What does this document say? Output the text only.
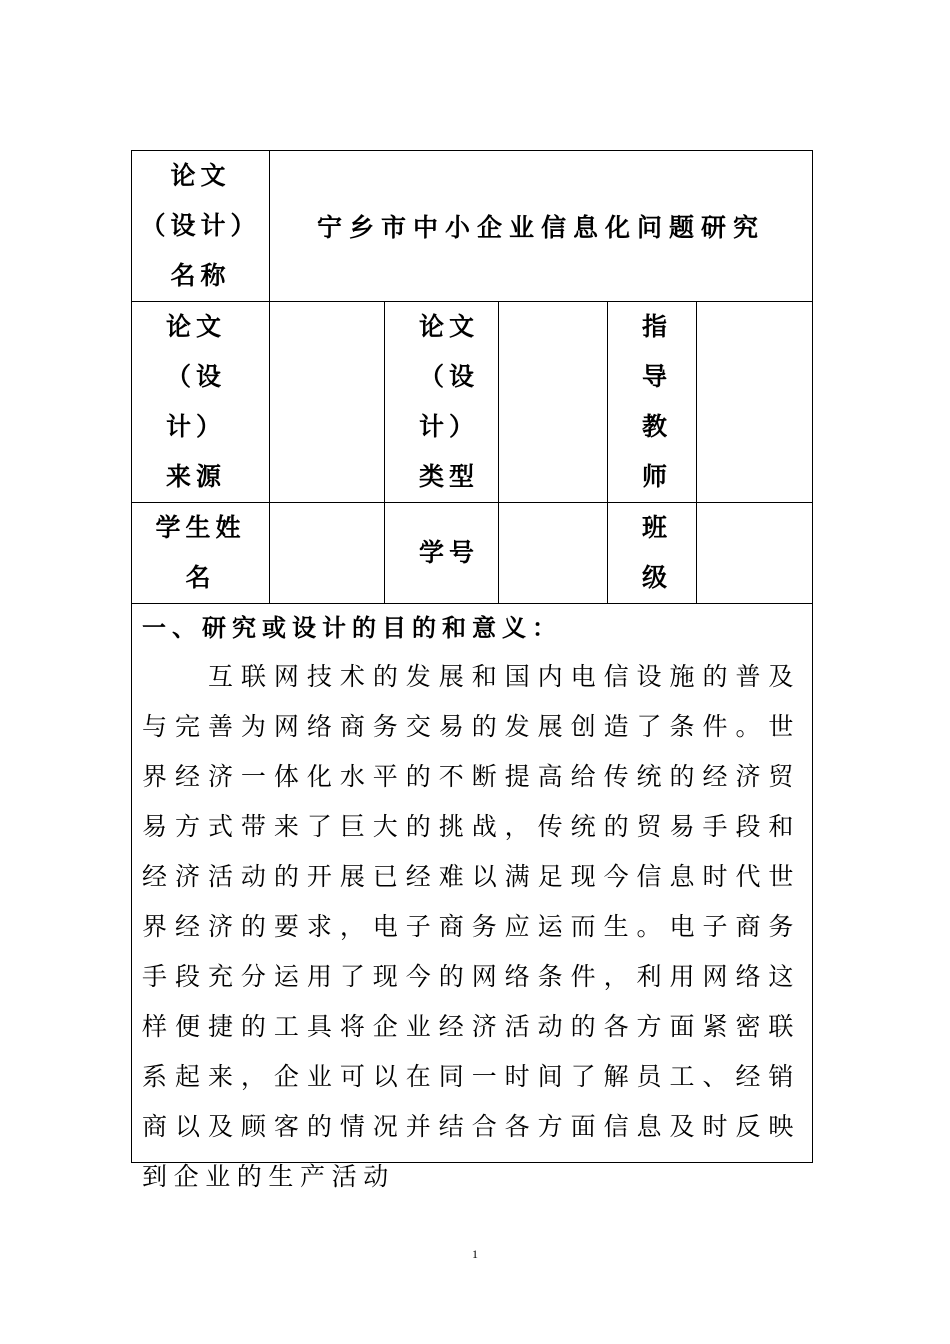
论文
（设计）
名称	宁乡市中小企业信息化问题研究				

论文
（设
计）
来源		论文
（设
计）
类型		指
导
教
师	

学生姓
名		学号		班
级	

一、研究或设计的目的和意义：

互联网技术的发展和国内电信设施的普及与完善为网络商务交易的发展创造了条件。世界经济一体化水平的不断提高给传统的经济贸易方式带来了巨大的挑战，传统的贸易手段和经济活动的开展已经难以满足现今信息时代世界经济的要求，电子商务应运而生。电子商务手段充分运用了现今的网络条件，利用网络这样便捷的工具将企业经济活动的各方面紧密联系起来，企业可以在同一时间了解员工、经销商以及顾客的情况并结合各方面信息及时反映到企业的生产活动					

1
